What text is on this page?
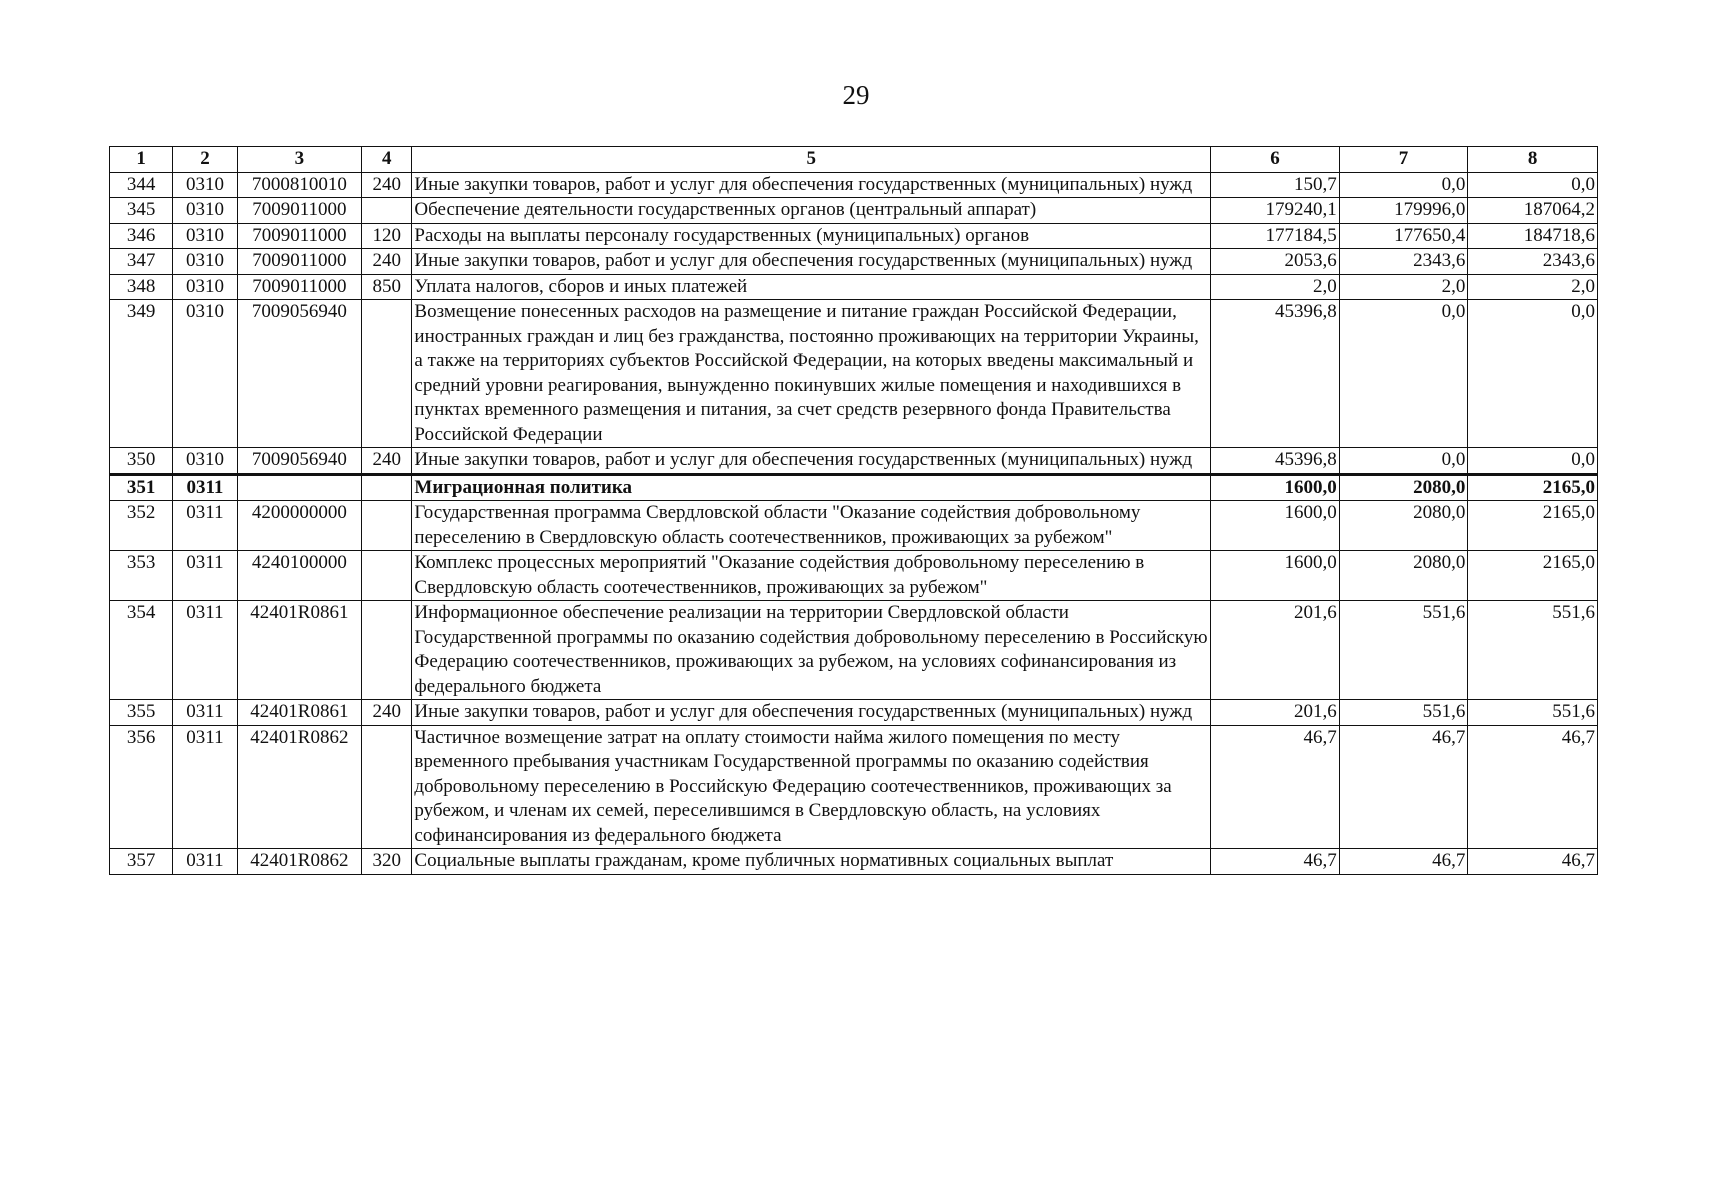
29
1	2	3	4	5	6	7	8
344	0310	7000810010	240	Иные закупки товаров, работ и услуг для обеспечения государственных (муниципальных) нужд	150,7	0,0	0,0
345	0310	7009011000		Обеспечение деятельности государственных органов (центральный аппарат)	179240,1	179996,0	187064,2
346	0310	7009011000	120	Расходы на выплаты персоналу государственных (муниципальных) органов	177184,5	177650,4	184718,6
347	0310	7009011000	240	Иные закупки товаров, работ и услуг для обеспечения государственных (муниципальных) нужд	2053,6	2343,6	2343,6
348	0310	7009011000	850	Уплата налогов, сборов и иных платежей	2,0	2,0	2,0
349	0310	7009056940		Возмещение понесенных расходов на размещение и питание граждан Российской Федерации, иностранных граждан и лиц без гражданства, постоянно проживающих на территории Украины, а также на территориях субъектов Российской Федерации, на которых введены максимальный и средний уровни реагирования, вынужденно покинувших жилые помещения и находившихся в пунктах временного размещения и питания, за счет средств резервного фонда Правительства Российской Федерации	45396,8	0,0	0,0
350	0310	7009056940	240	Иные закупки товаров, работ и услуг для обеспечения государственных (муниципальных) нужд	45396,8	0,0	0,0
351	0311			Миграционная политика	1600,0	2080,0	2165,0
352	0311	4200000000		Государственная программа Свердловской области "Оказание содействия добровольному переселению в Свердловскую область соотечественников, проживающих за рубежом"	1600,0	2080,0	2165,0
353	0311	4240100000		Комплекс процессных мероприятий "Оказание содействия добровольному переселению в Свердловскую область соотечественников, проживающих за рубежом"	1600,0	2080,0	2165,0
354	0311	42401R0861		Информационное обеспечение реализации на территории Свердловской области Государственной программы по оказанию содействия добровольному переселению в Российскую Федерацию соотечественников, проживающих за рубежом, на условиях софинансирования из федерального бюджета	201,6	551,6	551,6
355	0311	42401R0861	240	Иные закупки товаров, работ и услуг для обеспечения государственных (муниципальных) нужд	201,6	551,6	551,6
356	0311	42401R0862		Частичное возмещение затрат на оплату стоимости найма жилого помещения по месту временного пребывания участникам Государственной программы по оказанию содействия добровольному переселению в Российскую Федерацию соотечественников, проживающих за рубежом, и членам их семей, переселившимся в Свердловскую область, на условиях софинансирования из федерального бюджета	46,7	46,7	46,7
357	0311	42401R0862	320	Социальные выплаты гражданам, кроме публичных нормативных социальных выплат	46,7	46,7	46,7
